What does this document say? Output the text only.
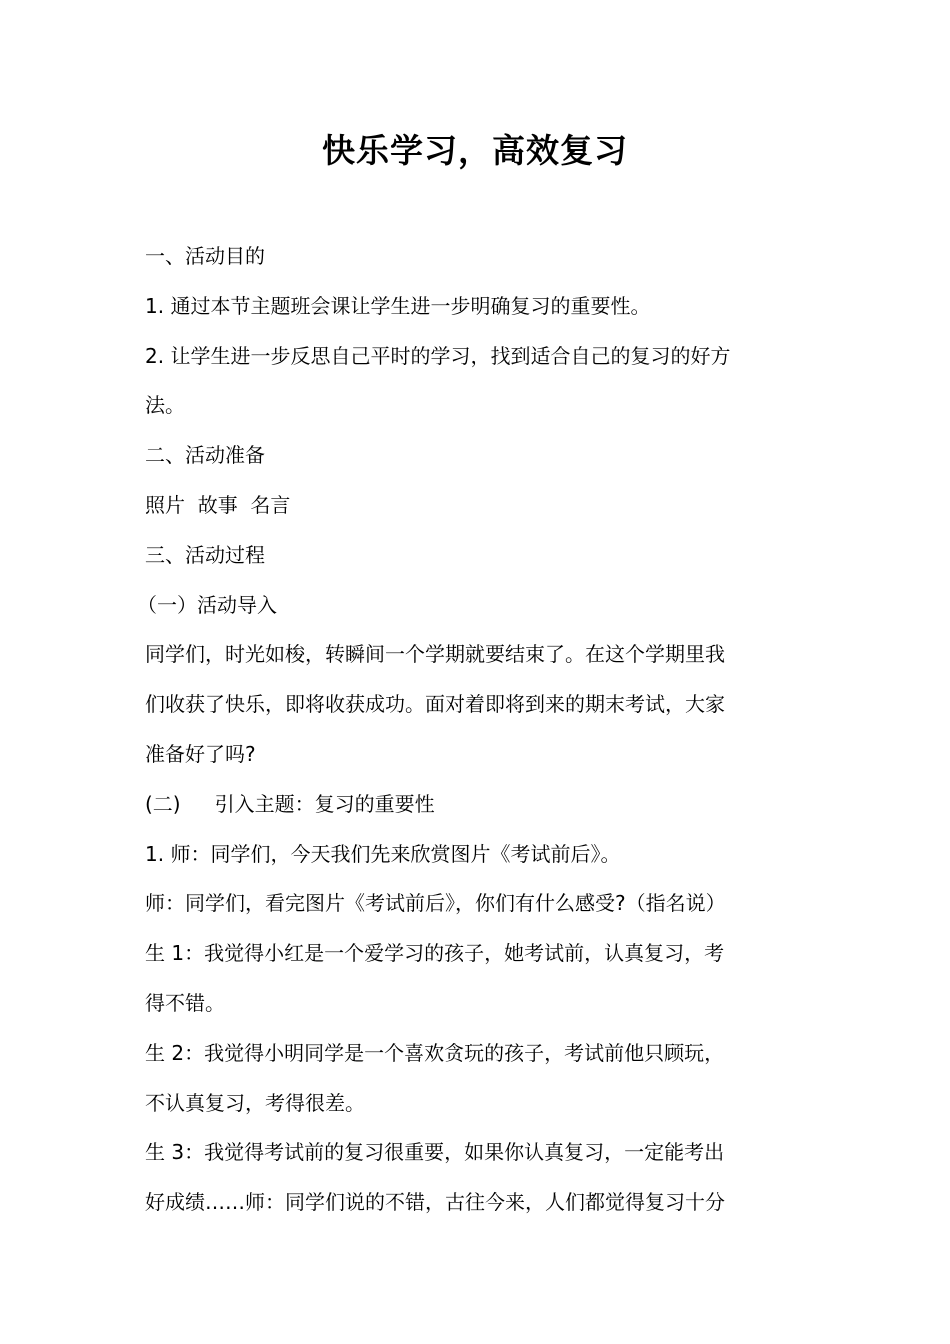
快乐学习，高效复习
一、活动目的
1. 通过本节主题班会课让学生进一步明确复习的重要性。
2. 让学生进一步反思自己平时的学习，找到适合自己的复习的好方
法。
二、活动准备
照片  故事  名言
三、活动过程
（一）活动导入
同学们，时光如梭，转瞬间一个学期就要结束了。在这个学期里我
们收获了快乐，即将收获成功。面对着即将到来的期末考试，大家
准备好了吗?
(二) 引入主题：复习的重要性
1. 师：同学们，今天我们先来欣赏图片《考试前后》。
师：同学们，看完图片《考试前后》，你们有什么感受?（指名说）
生 1：我觉得小红是一个爱学习的孩子，她考试前，认真复习，考
得不错。
生 2：我觉得小明同学是一个喜欢贪玩的孩子，考试前他只顾玩，
不认真复习，考得很差。
生 3：我觉得考试前的复习很重要，如果你认真复习，一定能考出
好成绩……师：同学们说的不错，古往今来，人们都觉得复习十分
